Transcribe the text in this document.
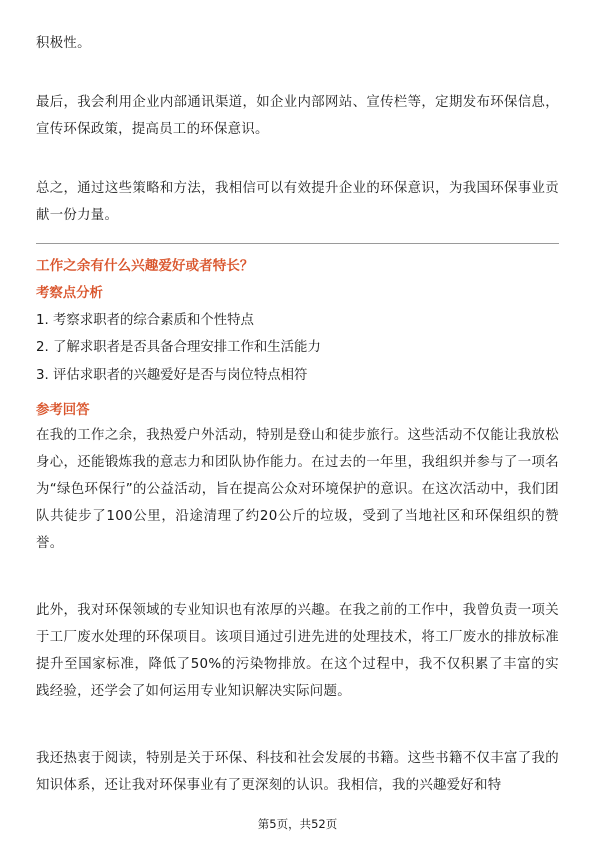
积极性。

最后，我会利用企业内部通讯渠道，如企业内部网站、宣传栏等，定期发布环保信息，宣传环保政策，提高员工的环保意识。

总之，通过这些策略和方法，我相信可以有效提升企业的环保意识，为我国环保事业贡献一份力量。

工作之余有什么兴趣爱好或者特长？

考察点分析

1. 考察求职者的综合素质和个性特点

2. 了解求职者是否具备合理安排工作和生活能力

3. 评估求职者的兴趣爱好是否与岗位特点相符

参考回答

在我的工作之余，我热爱户外活动，特别是登山和徒步旅行。这些活动不仅能让我放松身心，还能锻炼我的意志力和团队协作能力。在过去的一年里，我组织并参与了一项名为“绿色环保行”的公益活动，旨在提高公众对环境保护的意识。在这次活动中，我们团队共徒步了100公里，沿途清理了约20公斤的垃圾，受到了当地社区和环保组织的赞誉。

此外，我对环保领域的专业知识也有浓厚的兴趣。在我之前的工作中，我曾负责一项关于工厂废水处理的环保项目。该项目通过引进先进的处理技术，将工厂废水的排放标准提升至国家标准，降低了50%的污染物排放。在这个过程中，我不仅积累了丰富的实践经验，还学会了如何运用专业知识解决实际问题。

我还热衷于阅读，特别是关于环保、科技和社会发展的书籍。这些书籍不仅丰富了我的知识体系，还让我对环保事业有了更深刻的认识。我相信，我的兴趣爱好和特

第5页，共52页
